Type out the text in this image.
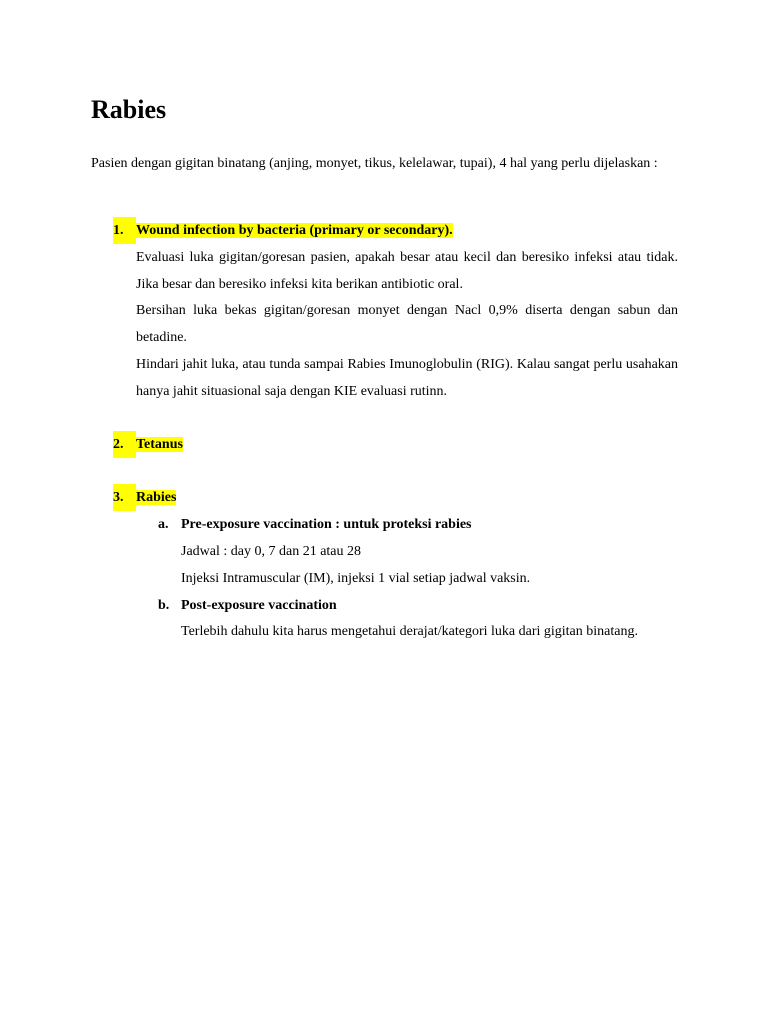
Rabies

Pasien dengan gigitan binatang (anjing, monyet, tikus, kelelawar, tupai), 4 hal yang perlu dijelaskan :

1. Wound infection by bacteria (primary or secondary).

Evaluasi luka gigitan/goresan pasien, apakah besar atau kecil dan beresiko infeksi atau tidak. Jika besar dan beresiko infeksi kita berikan antibiotic oral.

Bersihan luka bekas gigitan/goresan monyet dengan Nacl 0,9% diserta dengan sabun dan betadine.

Hindari jahit luka, atau tunda sampai Rabies Imunoglobulin (RIG). Kalau sangat perlu usahakan hanya jahit situasional saja dengan KIE evaluasi rutinn.

2. Tetanus
3. Rabies
a. Pre-exposure vaccination : untuk proteksi rabies

Jadwal : day 0, 7 dan 21 atau 28

Injeksi Intramuscular (IM), injeksi 1 vial setiap jadwal vaksin.

b. Post-exposure vaccination

Terlebih dahulu kita harus mengetahui derajat/kategori luka dari gigitan binatang.
